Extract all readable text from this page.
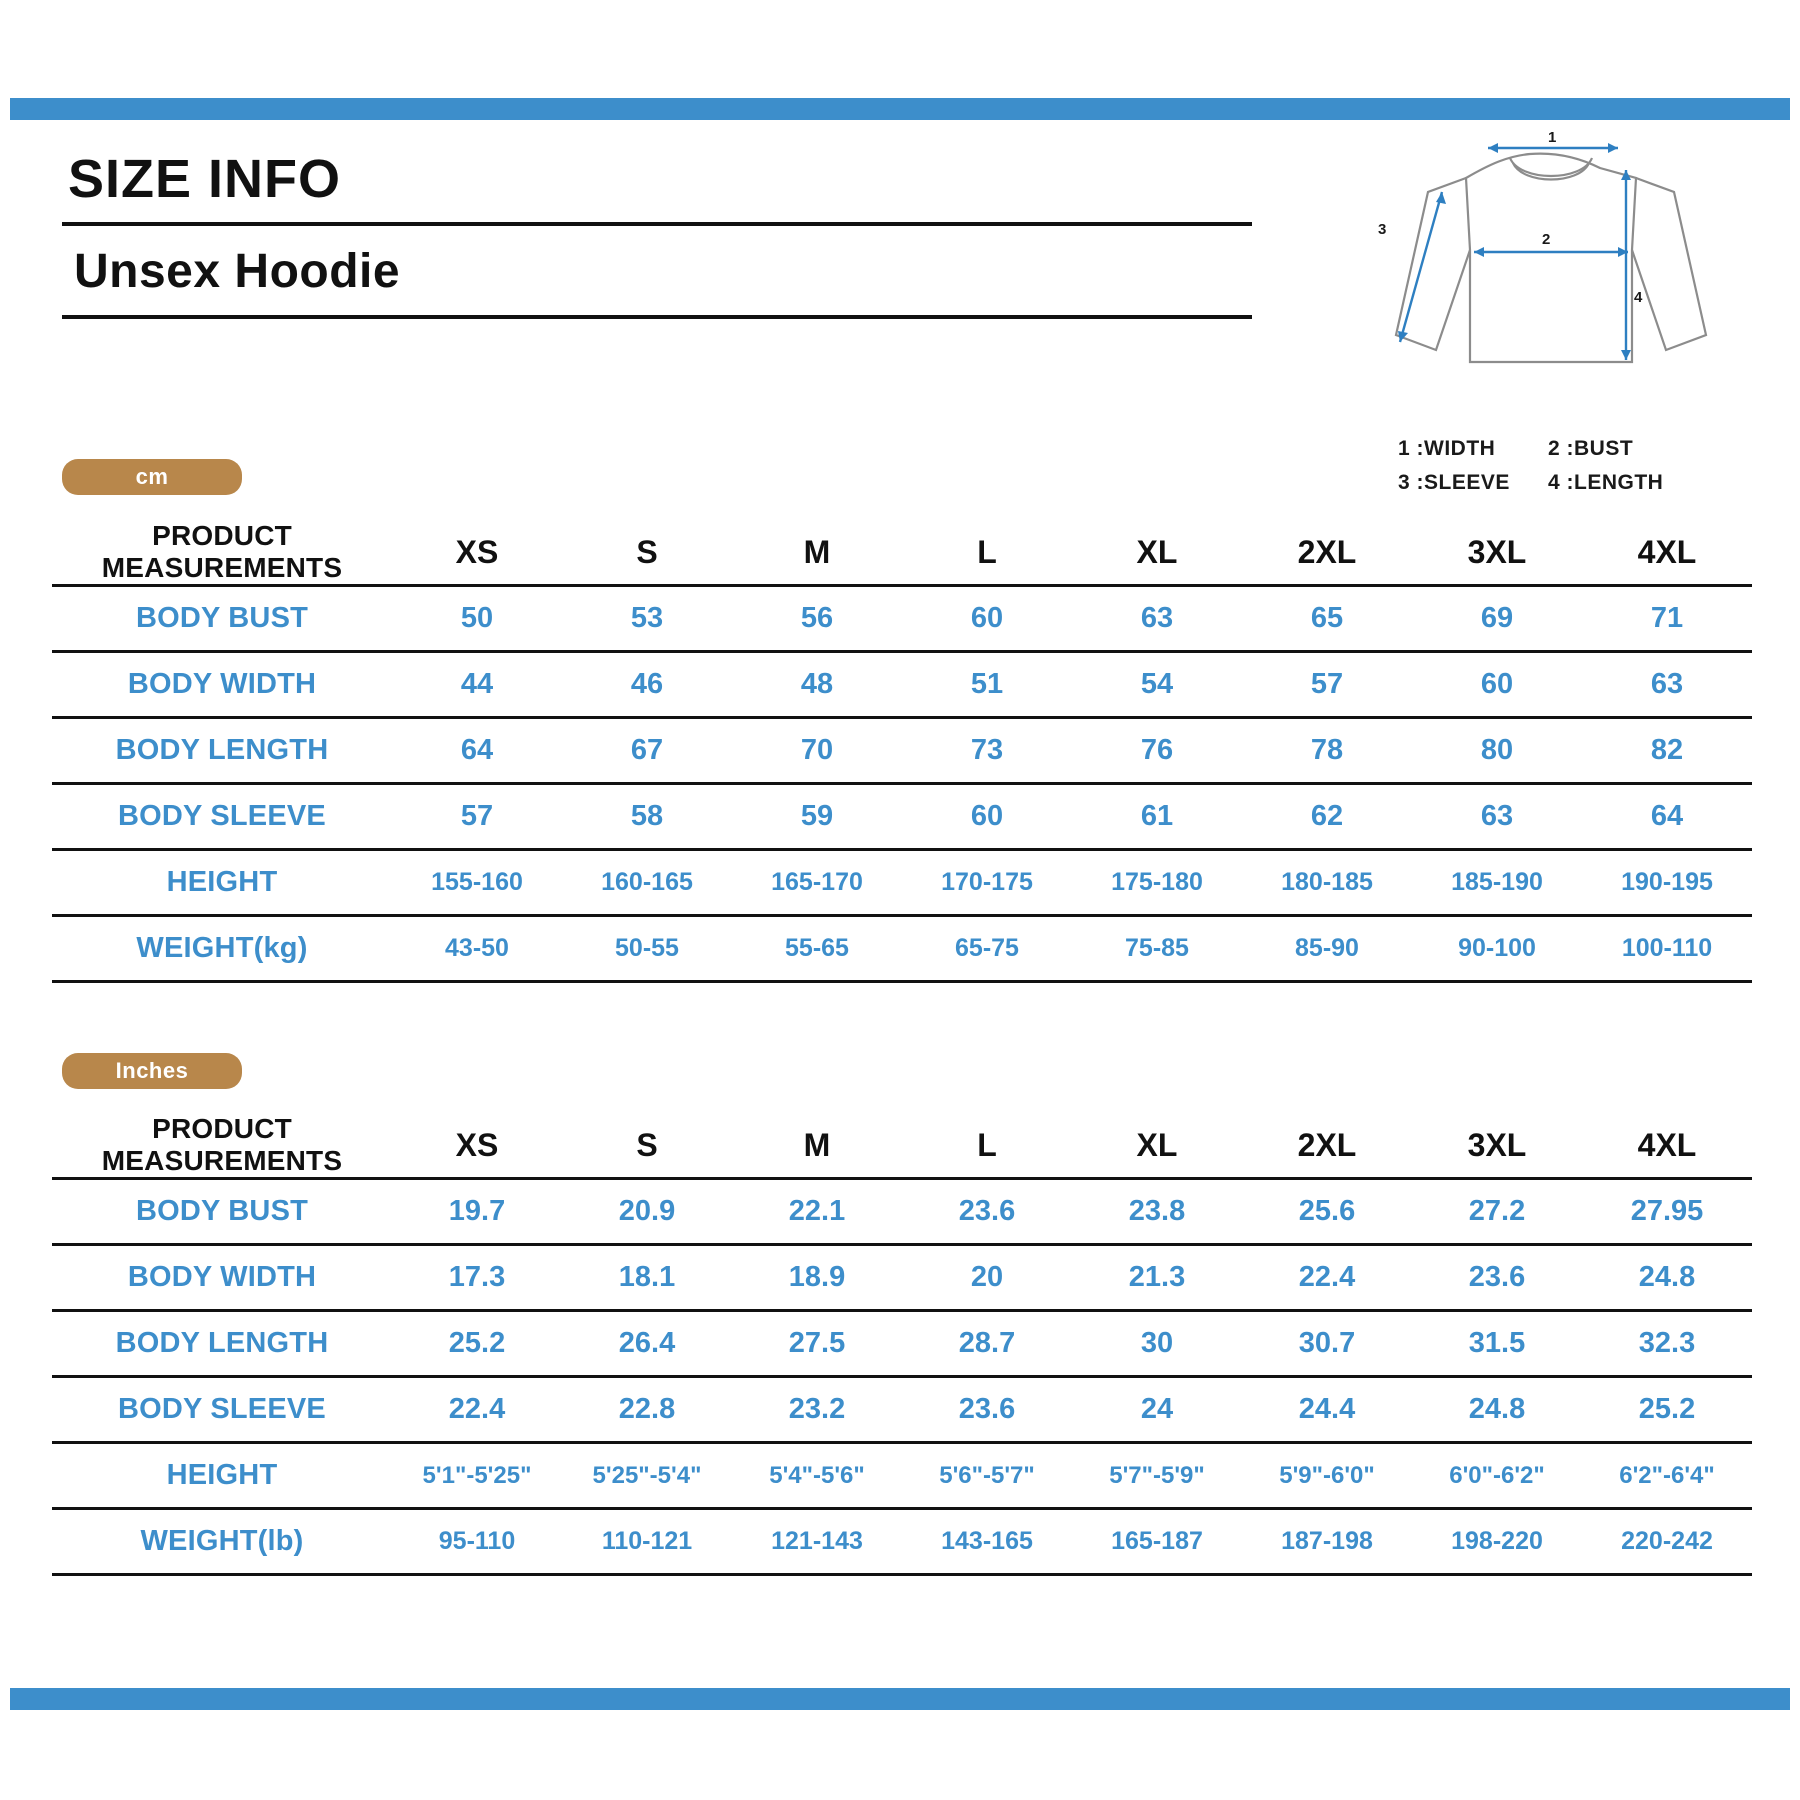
SIZE INFO
Unsex Hoodie
1
2
3
4
1 :WIDTH	2 :BUST
3 :SLEEVE	4 :LENGTH
cm
PRODUCT MEASUREMENTS	XS	S	M	L	XL	2XL	3XL	4XL
BODY BUST	50	53	56	60	63	65	69	71
BODY WIDTH	44	46	48	51	54	57	60	63
BODY LENGTH	64	67	70	73	76	78	80	82
BODY SLEEVE	57	58	59	60	61	62	63	64
HEIGHT	155-160	160-165	165-170	170-175	175-180	180-185	185-190	190-195
WEIGHT(kg)	43-50	50-55	55-65	65-75	75-85	85-90	90-100	100-110
Inches
PRODUCT MEASUREMENTS	XS	S	M	L	XL	2XL	3XL	4XL
BODY BUST	19.7	20.9	22.1	23.6	23.8	25.6	27.2	27.95
BODY WIDTH	17.3	18.1	18.9	20	21.3	22.4	23.6	24.8
BODY LENGTH	25.2	26.4	27.5	28.7	30	30.7	31.5	32.3
BODY SLEEVE	22.4	22.8	23.2	23.6	24	24.4	24.8	25.2
HEIGHT	5'1"-5'25"	5'25"-5'4"	5'4"-5'6"	5'6"-5'7"	5'7"-5'9"	5'9"-6'0"	6'0"-6'2"	6'2"-6'4"
WEIGHT(lb)	95-110	110-121	121-143	143-165	165-187	187-198	198-220	220-242
